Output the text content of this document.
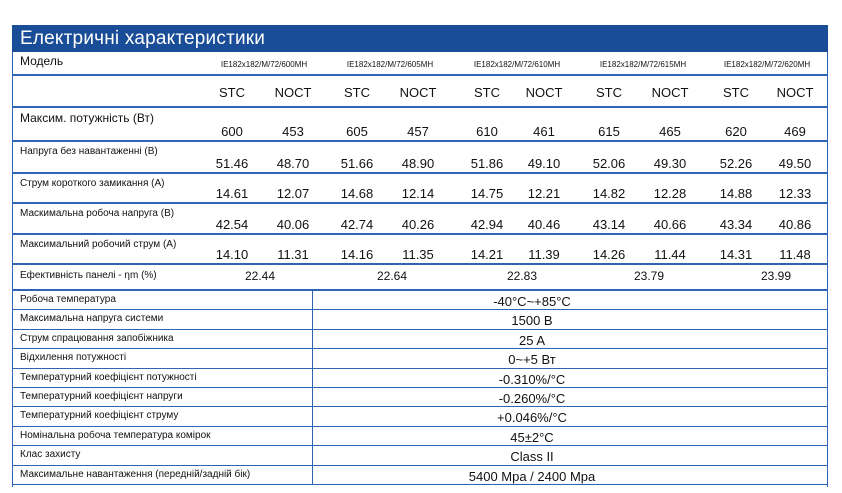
Електричні характеристики
Модель	IE182x182/M/72/600MH	IE182x182/M/72/605MH	IE182x182/M/72/610MH	IE182x182/M/72/615MH	IE182x182/M/72/620MH
STC	NOCT	STC	NOCT	STC	NOCT	STC	NOCT	STC	NOCT
Максим. потужність (Вт)
600	453	605	457	610	461	615	465	620	469
Напруга без навантаженні (В)
51.46	48.70	51.66	48.90	51.86	49.10	52.06	49.30	52.26	49.50
Струм короткого замикання (А)
14.61	12.07	14.68	12.14	14.75	12.21	14.82	12.28	14.88	12.33
Маскимальна робоча напруга (В)
42.54	40.06	42.74	40.26	42.94	40.46	43.14	40.66	43.34	40.86
Максимальний робочий струм (А)
14.10	11.31	14.16	11.35	14.21	11.39	14.26	11.44	14.31	11.48
Ефективність панелі - ηm (%)	22.44	22.64	22.83	23.79	23.99
Робоча температура	-40°C~+85°C
Максимальна напруга системи	1500 В
Струм спрацювання запобіжника	25 A
Відхилення потужності	0~+5 Вт
Температурний коефіцієнт потужності	-0.310%/°C
Температурний коефіцієнт напруги	-0.260%/°C
Температурний коефіцієнт струму	+0.046%/°C
Номінальна робоча температура комірок	45±2°C
Клас захисту	Class II
Максимальне навантаження (передній/задній бік)	5400 Mpa / 2400 Mpa
